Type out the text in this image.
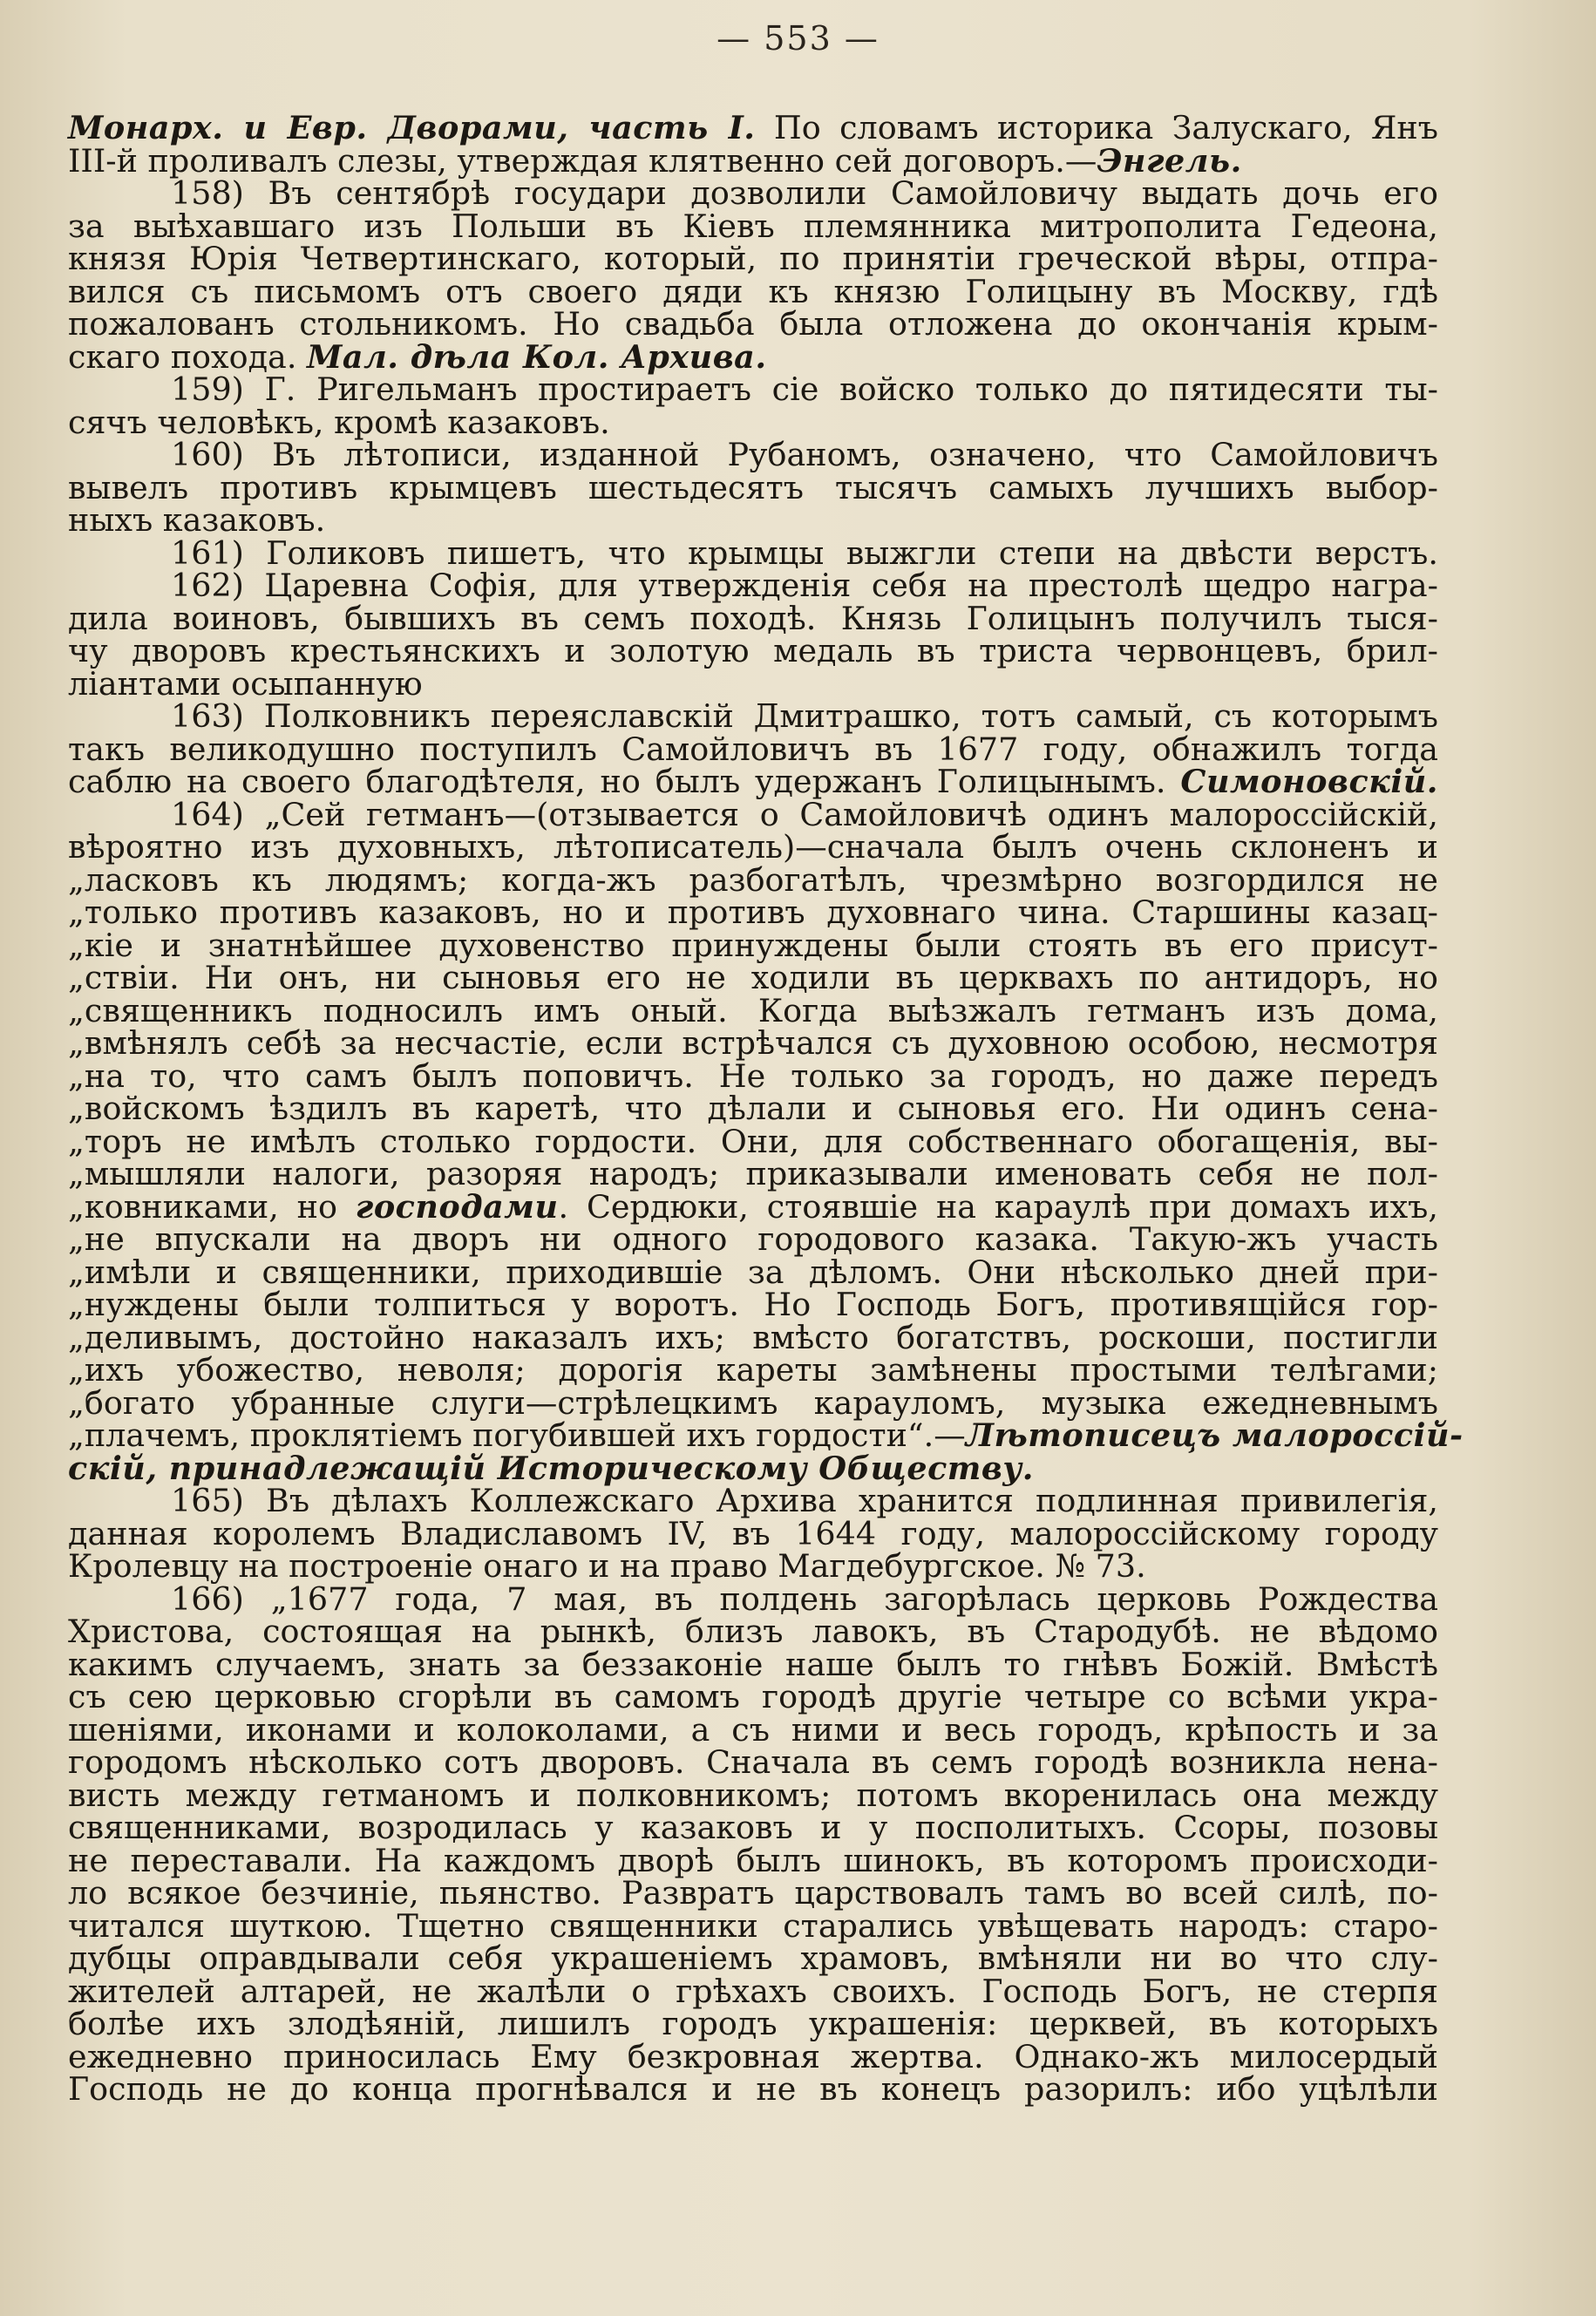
— 553 —
Монарх. и Евр. Дворами, часть I. По словамъ историка Залускаго, Янъ
III-й проливалъ слезы, утверждая клятвенно сей договоръ.—Энгель.
158) Въ сентябрѣ государи дозволили Самойловичу выдать дочь его
за выѣхавшаго изъ Польши въ Кіевъ племянника митрополита Гедеона,
князя Юрія Четвертинскаго, который, по принятіи греческой вѣры, отпра-
вился съ письмомъ отъ своего дяди къ князю Голицыну въ Москву, гдѣ
пожалованъ стольникомъ. Но свадьба была отложена до окончанія крым-
скаго похода. Мал. дѣла Кол. Архива.
159) Г. Ригельманъ простираетъ сіе войско только до пятидесяти ты-
сячъ человѣкъ, кромѣ казаковъ.
160) Въ лѣтописи, изданной Рубаномъ, означено, что Самойловичъ
вывелъ противъ крымцевъ шестьдесятъ тысячъ самыхъ лучшихъ выбор-
ныхъ казаковъ.
161) Голиковъ пишетъ, что крымцы выжгли степи на двѣсти верстъ.
162) Царевна Софія, для утвержденія себя на престолѣ щедро награ-
дила воиновъ, бывшихъ въ семъ походѣ. Князь Голицынъ получилъ тыся-
чу дворовъ крестьянскихъ и золотую медаль въ триста червонцевъ, брил-
ліантами осыпанную
163) Полковникъ переяславскій Дмитрашко, тотъ самый, съ которымъ
такъ великодушно поступилъ Самойловичъ въ 1677 году, обнажилъ тогда
саблю на своего благодѣтеля, но былъ удержанъ Голицынымъ. Симоновскій.
164) „Сей гетманъ—(отзывается о Самойловичѣ одинъ малороссійскій,
вѣроятно изъ духовныхъ, лѣтописатель)—сначала былъ очень склоненъ и
„ласковъ къ людямъ; когда-жъ разбогатѣлъ, чрезмѣрно возгордился не
„только противъ казаковъ, но и противъ духовнаго чина. Старшины казац-
„кіе и знатнѣйшее духовенство принуждены были стоять въ его присут-
„ствіи. Ни онъ, ни сыновья его не ходили въ церквахъ по антидоръ, но
„священникъ подносилъ имъ оный. Когда выѣзжалъ гетманъ изъ дома,
„вмѣнялъ себѣ за несчастіе, если встрѣчался съ духовною особою, несмотря
„на то, что самъ былъ поповичъ. Не только за городъ, но даже передъ
„войскомъ ѣздилъ въ каретѣ, что дѣлали и сыновья его. Ни одинъ сена-
„торъ не имѣлъ столько гордости. Они, для собственнаго обогащенія, вы-
„мышляли налоги, разоряя народъ; приказывали именовать себя не пол-
„ковниками, но господами. Сердюки, стоявшіе на караулѣ при домахъ ихъ,
„не впускали на дворъ ни одного городового казака. Такую-жъ участь
„имѣли и священники, приходившіе за дѣломъ. Они нѣсколько дней при-
„нуждены были толпиться у воротъ. Но Господь Богъ, противящійся гор-
„деливымъ, достойно наказалъ ихъ; вмѣсто богатствъ, роскоши, постигли
„ихъ убожество, неволя; дорогія кареты замѣнены простыми телѣгами;
„богато убранные слуги—стрѣлецкимъ карауломъ, музыка ежедневнымъ
„плачемъ, проклятіемъ погубившей ихъ гордости“.—Лѣтописецъ малороссій-
скій, принадлежащій Историческому Обществу.
165) Въ дѣлахъ Коллежскаго Архива хранится подлинная привилегія,
данная королемъ Владиславомъ IV, въ 1644 году, малороссійскому городу
Кролевцу на построеніе онаго и на право Магдебургское. № 73.
166) „1677 года, 7 мая, въ полдень загорѣлась церковь Рождества
Христова, состоящая на рынкѣ, близъ лавокъ, въ Стародубѣ. не вѣдомо
какимъ случаемъ, знать за беззаконіе наше былъ то гнѣвъ Божій. Вмѣстѣ
съ сею церковью сгорѣли въ самомъ городѣ другіе четыре со всѣми укра-
шеніями, иконами и колоколами, а съ ними и весь городъ, крѣпость и за
городомъ нѣсколько сотъ дворовъ. Сначала въ семъ городѣ возникла нена-
висть между гетманомъ и полковникомъ; потомъ вкоренилась она между
священниками, возродилась у казаковъ и у посполитыхъ. Ссоры, позовы
не переставали. На каждомъ дворѣ былъ шинокъ, въ которомъ происходи-
ло всякое безчиніе, пьянство. Развратъ царствовалъ тамъ во всей силѣ, по-
читался шуткою. Тщетно священники старались увѣщевать народъ: старо-
дубцы оправдывали себя украшеніемъ храмовъ, вмѣняли ни во что слу-
жителей алтарей, не жалѣли о грѣхахъ своихъ. Господь Богъ, не стерпя
болѣе ихъ злодѣяній, лишилъ городъ украшенія: церквей, въ которыхъ
ежедневно приносилась Ему безкровная жертва. Однако-жъ милосердый
Господь не до конца прогнѣвался и не въ конецъ разорилъ: ибо уцѣлѣли
